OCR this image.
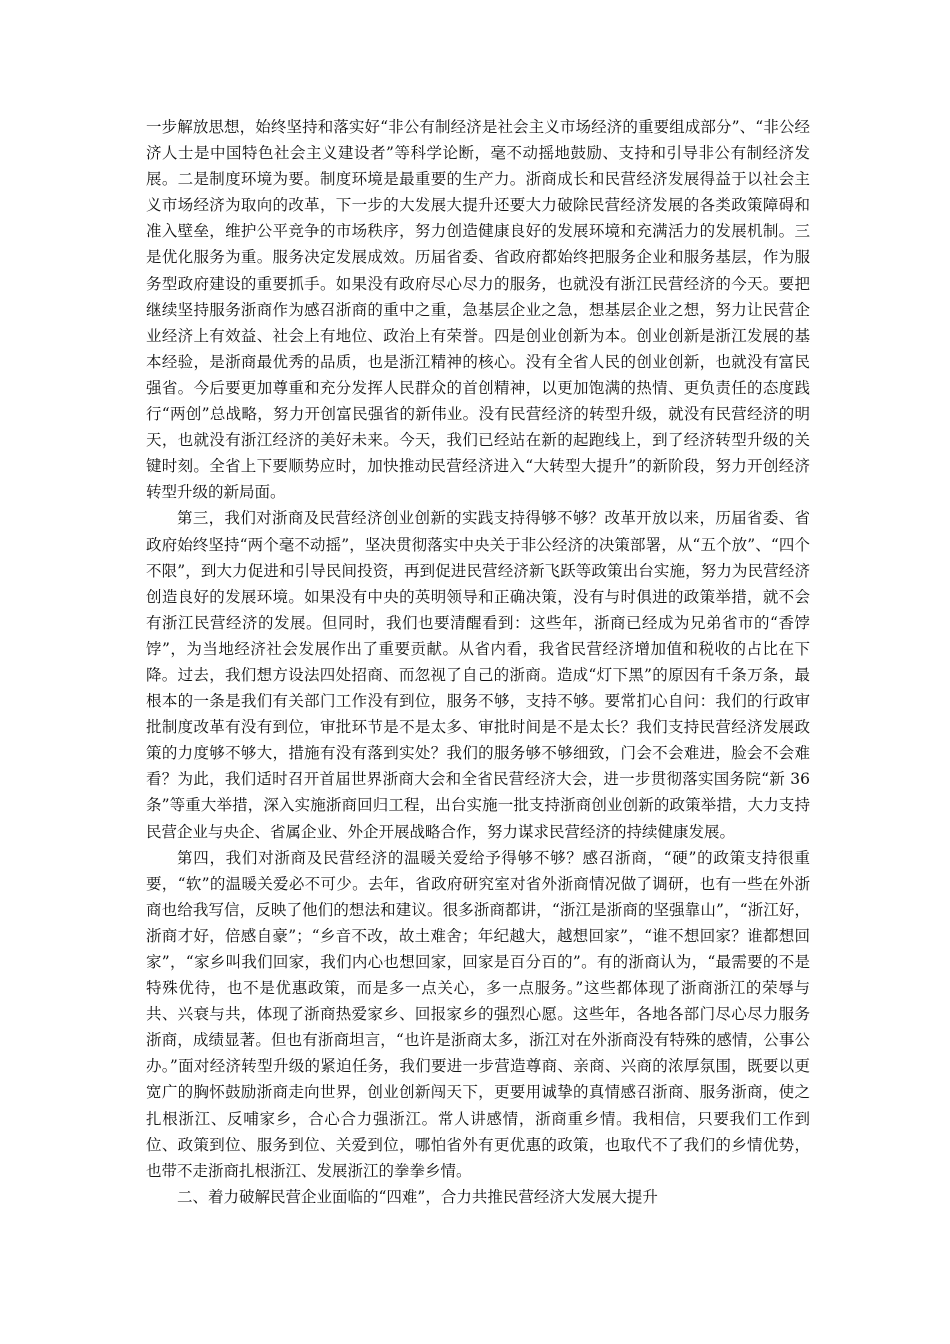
一步解放思想，始终坚持和落实好“非公有制经济是社会主义市场经济的重要组成部分”、“非公经济人士是中国特色社会主义建设者”等科学论断，毫不动摇地鼓励、支持和引导非公有制经济发展。二是制度环境为要。制度环境是最重要的生产力。浙商成长和民营经济发展得益于以社会主义市场经济为取向的改革，下一步的大发展大提升还要大力破除民营经济发展的各类政策障碍和准入壁垒，维护公平竞争的市场秩序，努力创造健康良好的发展环境和充满活力的发展机制。三是优化服务为重。服务决定发展成效。历届省委、省政府都始终把服务企业和服务基层，作为服务型政府建设的重要抓手。如果没有政府尽心尽力的服务，也就没有浙江民营经济的今天。要把继续坚持服务浙商作为感召浙商的重中之重，急基层企业之急，想基层企业之想，努力让民营企业经济上有效益、社会上有地位、政治上有荣誉。四是创业创新为本。创业创新是浙江发展的基本经验，是浙商最优秀的品质，也是浙江精神的核心。没有全省人民的创业创新，也就没有富民强省。今后要更加尊重和充分发挥人民群众的首创精神，以更加饱满的热情、更负责任的态度践行“两创”总战略，努力开创富民强省的新伟业。没有民营经济的转型升级，就没有民营经济的明天，也就没有浙江经济的美好未来。今天，我们已经站在新的起跑线上，到了经济转型升级的关键时刻。全省上下要顺势应时，加快推动民营经济进入“大转型大提升”的新阶段，努力开创经济转型升级的新局面。

第三，我们对浙商及民营经济创业创新的实践支持得够不够？改革开放以来，历届省委、省政府始终坚持“两个毫不动摇”，坚决贯彻落实中央关于非公经济的决策部署，从“五个放”、“四个不限”，到大力促进和引导民间投资，再到促进民营经济新飞跃等政策出台实施，努力为民营经济创造良好的发展环境。如果没有中央的英明领导和正确决策，没有与时俱进的政策举措，就不会有浙江民营经济的发展。但同时，我们也要清醒看到：这些年，浙商已经成为兄弟省市的“香饽饽”，为当地经济社会发展作出了重要贡献。从省内看，我省民营经济增加值和税收的占比在下降。过去，我们想方设法四处招商、而忽视了自己的浙商。造成“灯下黑”的原因有千条万条，最根本的一条是我们有关部门工作没有到位，服务不够，支持不够。要常扪心自问：我们的行政审批制度改革有没有到位，审批环节是不是太多、审批时间是不是太长？我们支持民营经济发展政策的力度够不够大，措施有没有落到实处？我们的服务够不够细致，门会不会难进，脸会不会难看？为此，我们适时召开首届世界浙商大会和全省民营经济大会，进一步贯彻落实国务院“新 36 条”等重大举措，深入实施浙商回归工程，出台实施一批支持浙商创业创新的政策举措，大力支持民营企业与央企、省属企业、外企开展战略合作，努力谋求民营经济的持续健康发展。

第四，我们对浙商及民营经济的温暖关爱给予得够不够？感召浙商，“硬”的政策支持很重要，“软”的温暖关爱必不可少。去年，省政府研究室对省外浙商情况做了调研，也有一些在外浙商也给我写信，反映了他们的想法和建议。很多浙商都讲，“浙江是浙商的坚强靠山”，“浙江好，浙商才好，倍感自豪”；“乡音不改，故土难舍；年纪越大，越想回家”，“谁不想回家？谁都想回家”，“家乡叫我们回家，我们内心也想回家，回家是百分百的”。有的浙商认为，“最需要的不是特殊优待，也不是优惠政策，而是多一点关心，多一点服务。”这些都体现了浙商浙江的荣辱与共、兴衰与共，体现了浙商热爱家乡、回报家乡的强烈心愿。这些年，各地各部门尽心尽力服务浙商，成绩显著。但也有浙商坦言，“也许是浙商太多，浙江对在外浙商没有特殊的感情，公事公办。”面对经济转型升级的紧迫任务，我们要进一步营造尊商、亲商、兴商的浓厚氛围，既要以更宽广的胸怀鼓励浙商走向世界，创业创新闯天下，更要用诚挚的真情感召浙商、服务浙商，使之扎根浙江、反哺家乡，合心合力强浙江。常人讲感情，浙商重乡情。我相信，只要我们工作到位、政策到位、服务到位、关爱到位，哪怕省外有更优惠的政策，也取代不了我们的乡情优势，也带不走浙商扎根浙江、发展浙江的拳拳乡情。

二、着力破解民营企业面临的“四难”，合力共推民营经济大发展大提升
